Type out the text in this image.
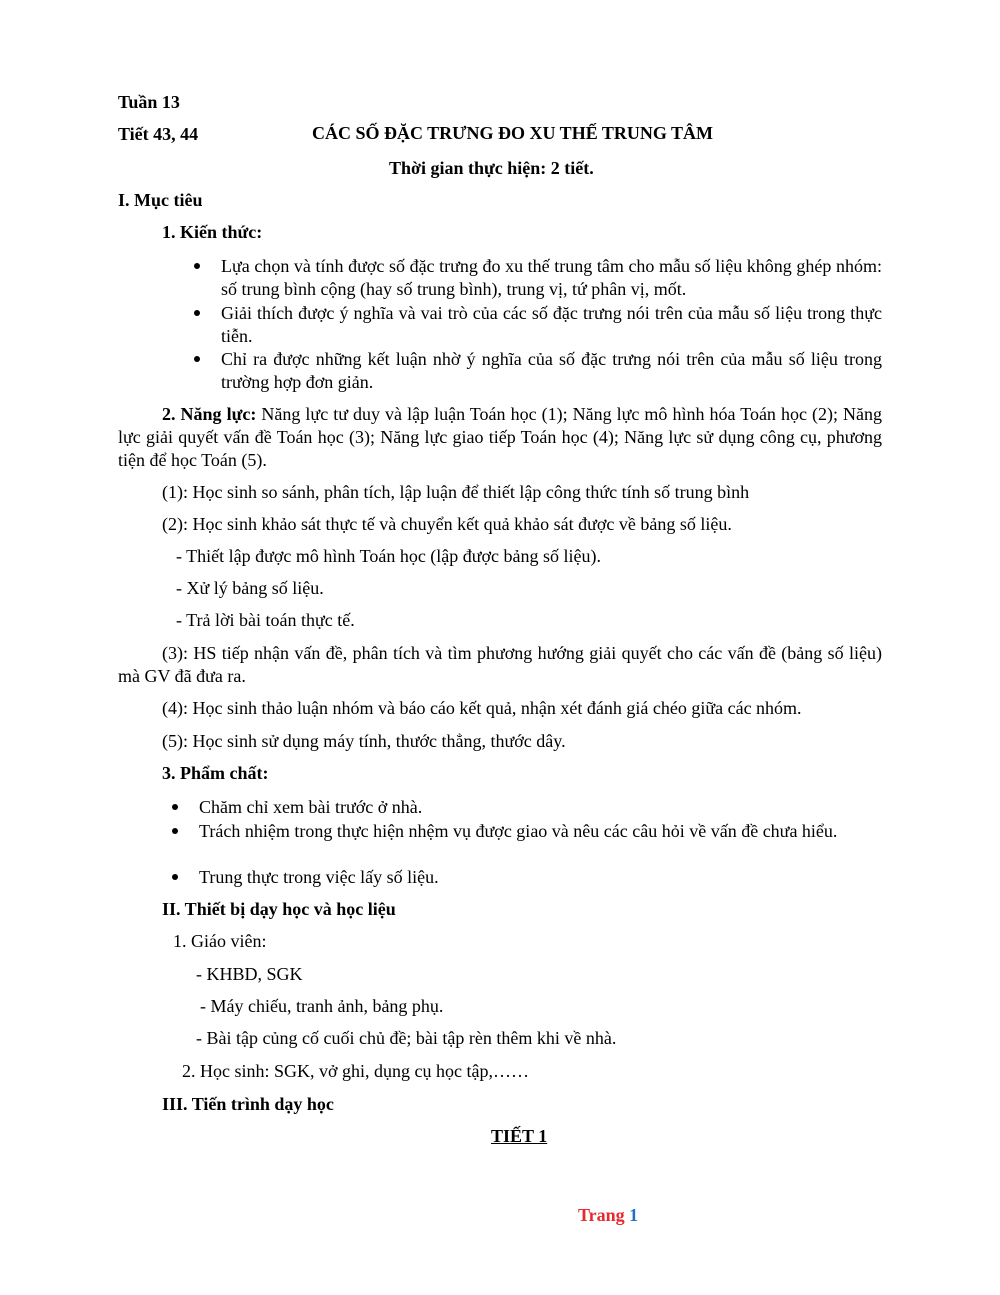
Tuần 13
Tiết 43, 44	CÁC SỐ ĐẶC TRƯNG ĐO XU THẾ TRUNG TÂM
Thời gian thực hiện: 2 tiết.
I. Mục tiêu
1. Kiến thức:
Lựa chọn và tính được số đặc trưng đo xu thế trung tâm cho mẫu số liệu không ghép nhóm: số trung bình cộng (hay số trung bình), trung vị, tứ phân vị, mốt.
Giải thích được ý nghĩa và vai trò của các số đặc trưng nói trên của mẫu số liệu trong thực tiễn.
Chỉ ra được những kết luận nhờ ý nghĩa của số đặc trưng nói trên của mẫu số liệu trong trường hợp đơn giản.
2. Năng lực: Năng lực tư duy và lập luận Toán học (1); Năng lực mô hình hóa Toán học (2); Năng lực giải quyết vấn đề Toán học (3); Năng lực giao tiếp Toán học (4); Năng lực sử dụng công cụ, phương tiện để học Toán (5).
(1): Học sinh so sánh, phân tích, lập luận để thiết lập công thức tính số trung bình
(2): Học sinh khảo sát thực tế và chuyển kết quả khảo sát được về bảng số liệu.
- Thiết lập được mô hình Toán học (lập được bảng số liệu).
- Xử lý bảng số liệu.
- Trả lời bài toán thực tế.
(3): HS tiếp nhận vấn đề, phân tích và tìm phương hướng giải quyết cho các vấn đề (bảng số liệu) mà GV đã đưa ra.
(4): Học sinh thảo luận nhóm và báo cáo kết quả, nhận xét đánh giá chéo giữa các nhóm.
(5): Học sinh sử dụng máy tính, thước thẳng, thước dây.
3. Phẩm chất:
Chăm chỉ xem bài trước ở nhà.
Trách nhiệm trong thực hiện nhệm vụ được giao và nêu các câu hỏi về vấn đề chưa hiểu.
Trung thực trong việc lấy số liệu.
II. Thiết bị dạy học và học liệu
1. Giáo viên:
- KHBD, SGK
- Máy chiếu, tranh ảnh, bảng phụ.
- Bài tập củng cố cuối chủ đề; bài tập rèn thêm khi về nhà.
2. Học sinh: SGK, vở ghi, dụng cụ học tập,……
III. Tiến trình dạy học
TIẾT 1
Trang 1
